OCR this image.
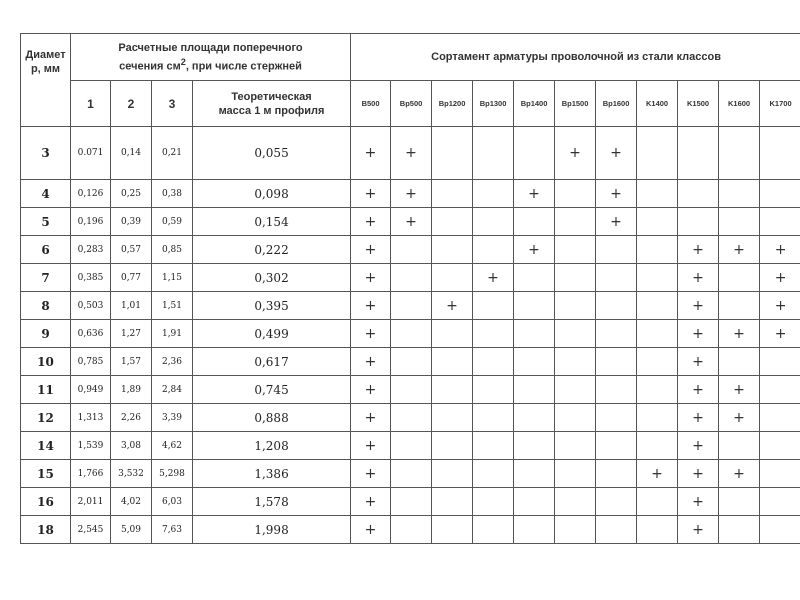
Диаметр, мм	Расчетные площади поперечного
сечения $см^2$, при числе стержней				Сортамент арматуры проволочной из стали классов										
	1	2	3	Теоретическая
масса 1 м профиля	B500	Bp500	Bp1200	Bp1300	Bp1400	Bp1500	Bp1600	K1400	K1500	K1600	K1700
3	0.071	0,14	0,21	0,055	+	+				+	+				
4	0,126	0,25	0,38	0,098	+	+			+		+				
5	0,196	0,39	0,59	0,154	+	+					+				
6	0,283	0,57	0,85	0,222	+				+				+	+	+
7	0,385	0,77	1,15	0,302	+			+					+		+
8	0,503	1,01	1,51	0,395	+		+						+		+
9	0,636	1,27	1,91	0,499	+								+	+	+
10	0,785	1,57	2,36	0,617	+								+		
11	0,949	1,89	2,84	0,745	+								+	+	
12	1,313	2,26	3,39	0,888	+								+	+	
14	1,539	3,08	4,62	1,208	+								+		
15	1,766	3,532	5,298	1,386	+							+	+	+	
16	2,011	4,02	6,03	1,578	+								+		
18	2,545	5,09	7,63	1,998	+								+		
